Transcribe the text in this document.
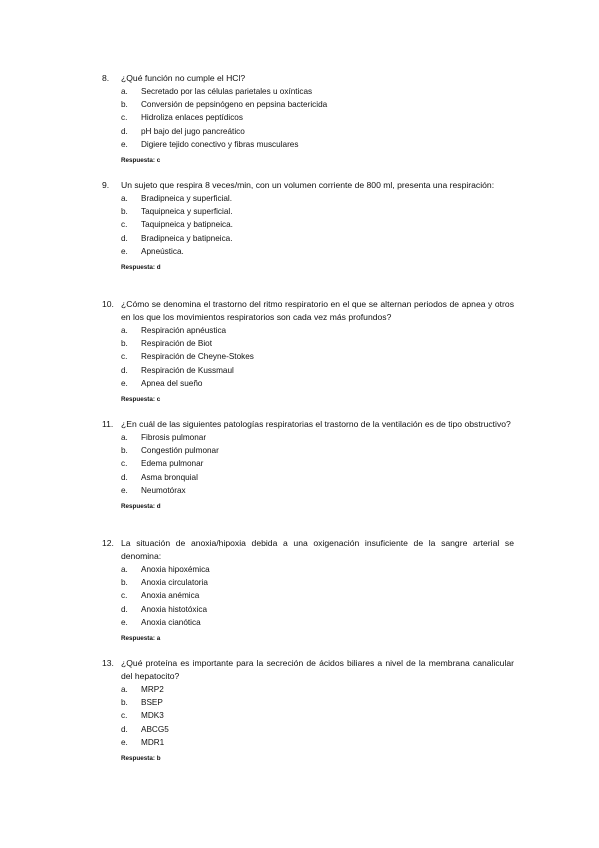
8.	¿Qué función no cumple el HCl?
a.	Secretado por las células parietales u oxínticas
b.	Conversión de pepsinógeno en pepsina bactericida
c.	Hidroliza enlaces peptídicos
d.	pH bajo del jugo pancreático
e.	Digiere tejido conectivo y fibras musculares
Respuesta: c
9.	Un sujeto que respira 8 veces/min, con un volumen corriente de 800 ml, presenta una respiración:
a.	Bradipneica y superficial.
b.	Taquipneica y superficial.
c.	Taquipneica y batipneica.
d.	Bradipneica y batipneica.
e.	Apneústica.
Respuesta: d
10. ¿Cómo se denomina el trastorno del ritmo respiratorio en el que se alternan periodos de apnea y otros en los que los movimientos respiratorios son cada vez más profundos?
a.	Respiración apnéustica
b.	Respiración de Biot
c.	Respiración de Cheyne-Stokes
d.	Respiración de Kussmaul
e.	Apnea del sueño
Respuesta: c
11. ¿En cuál de las siguientes patologías respiratorias el trastorno de la ventilación es de tipo obstructivo?
a.	Fibrosis pulmonar
b.	Congestión pulmonar
c.	Edema pulmonar
d.	Asma bronquial
e.	Neumotórax
Respuesta: d
12. La situación de anoxia/hipoxia debida a una oxigenación insuficiente de la sangre arterial se denomina:
a.	Anoxia hipoxémica
b.	Anoxia circulatoria
c.	Anoxia anémica
d.	Anoxia histotóxica
e.	Anoxia cianótica
Respuesta: a
13. ¿Qué proteína es importante para la secreción de ácidos biliares a nivel de la membrana canalicular del hepatocito?
a.	MRP2
b.	BSEP
c.	MDK3
d.	ABCG5
e.	MDR1
Respuesta: b
